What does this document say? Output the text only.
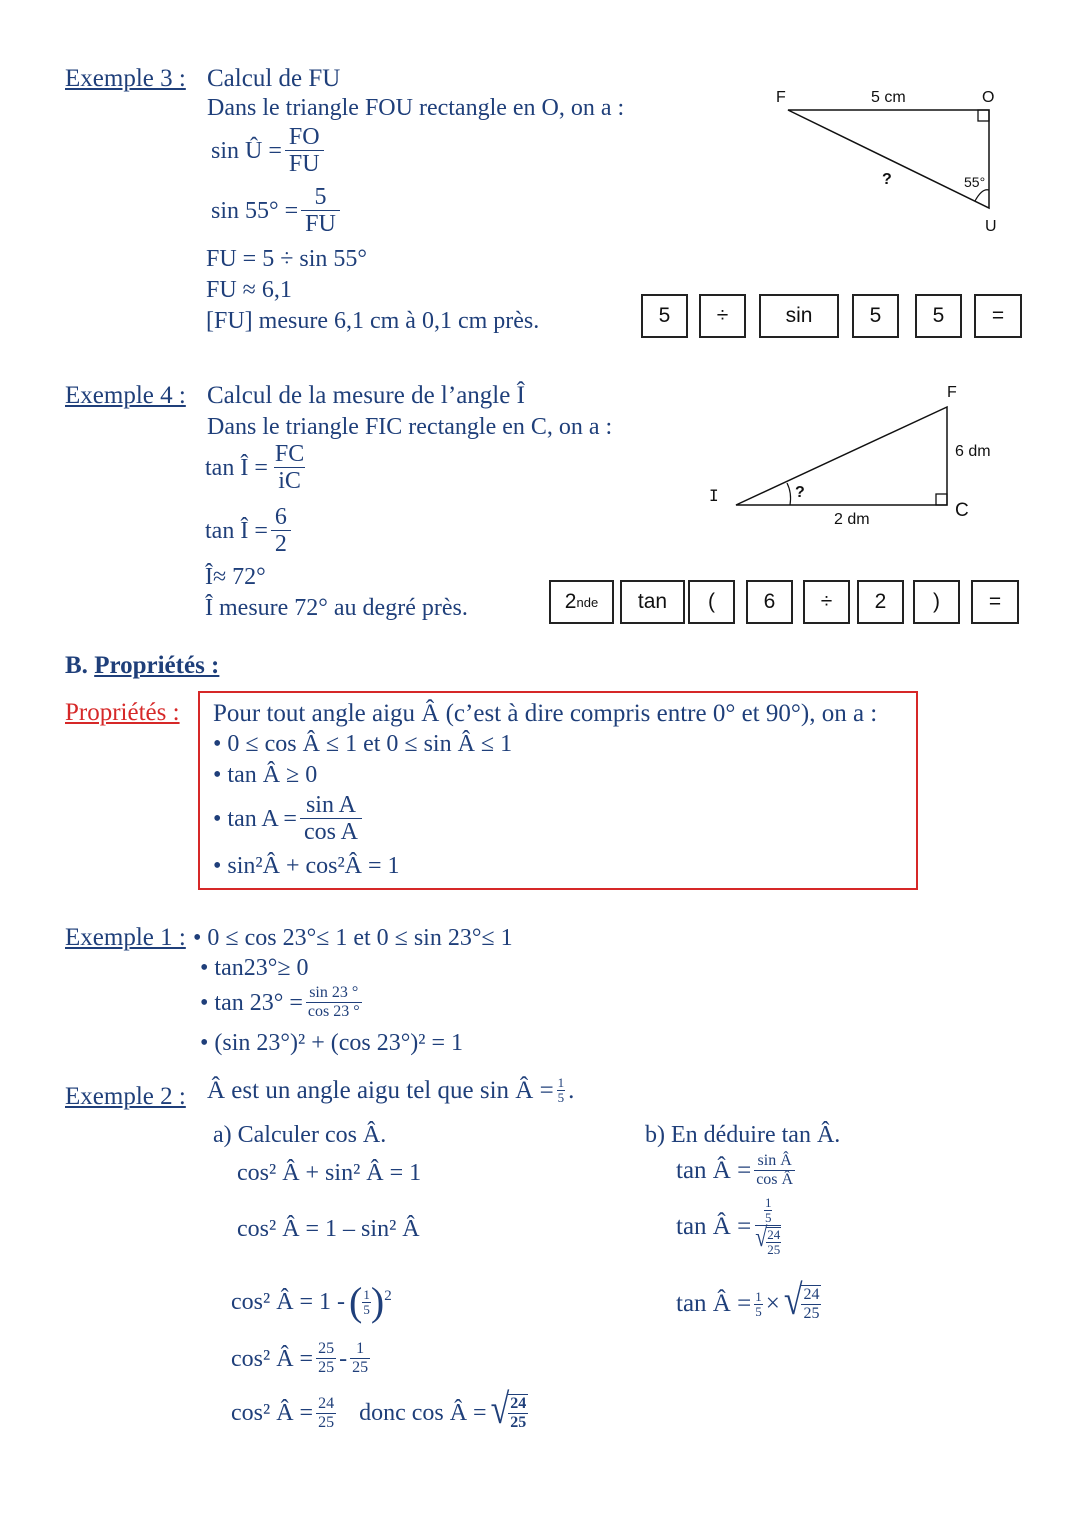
Exemple 3 : Calcul de FU
Dans le triangle FOU rectangle en O, on a :
sin Û = $\frac{FO}{FU}$
$\sin 55^\circ = \frac{5}{FU}$
FU = 5 ÷ sin 55°
FU ≈ 6,1
[FU] mesure 6,1 cm à 0,1 cm près.	5	÷	sin	5	5	=
F	O
U
5 cm
?	55°
Exemple 4 : Calcul de la mesure de l’angle Î
Dans le triangle FIC rectangle en C, on a :
tan Î = $\frac{FC}{iC}$
tan Î = $\frac{6}{2}$
Î≈ 72°
Î mesure 72° au degré près.	2 nde	tan	(	6	÷	2	)	=
F
I
C
6 dm
2 dm
?
B. Propriétés :
Propriétés : Pour tout angle aigu Â (c’est à dire compris entre 0° et 90°), on a :
• 0 ≤ cos Â ≤ 1 et 0 ≤ sin Â ≤ 1
• tan Â ≥ 0
• $\tan A = \frac{\text{sin A}}{\text{cos A}}$
• sin²Â + cos²Â = 1
Exemple 1 : • 0 ≤ cos 23°≤ 1 et 0 ≤ sin 23°≤ 1
• tan23°≥ 0
• $\tan 23^\circ = \frac{\sin 23 ^\circ}{\cos 23 ^\circ}$
• (sin 23°)² + (cos 23°)² = 1
Exemple 2 : Â est un angle aigu tel que sin Â = $\frac{1}{5}$ .
a) Calculer cos Â.
cos² Â + sin² Â = 1
cos² Â = 1 – sin² Â
cos² Â = 1 - ( $\frac{1}{5}$ ) 2
cos² Â = $\frac{25}{25} - \frac{1}{25}$
cos² Â = $\frac{24}{25}$ donc cos Â = √ $\frac{24}{25}$
b) En déduire tan Â.
tan Â = $\frac{\text{sin Â}}{\text{cos Â}}$
tan Â =
$\frac{1}{5}$
√ $\frac{24}{25}$
tan Â = $\frac{1}{5}$ × √ $\frac{24}{25}$
